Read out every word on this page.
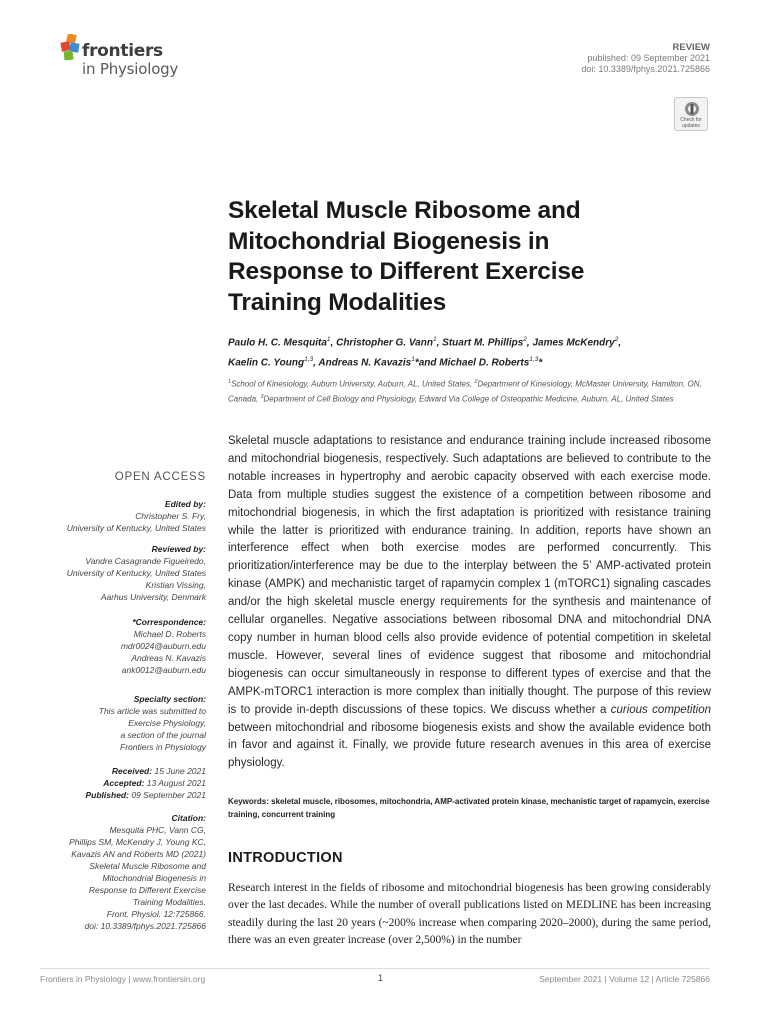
frontiers
in Physiology
REVIEW
published: 09 September 2021
doi: 10.3389/fphys.2021.725866
Check for updates
Skeletal Muscle Ribosome and
Mitochondrial Biogenesis in
Response to Different Exercise
Training Modalities
Paulo H. C. Mesquita$^1$, Christopher G. Vann$^1$, Stuart M. Phillips$^2$, James McKendry$^2$,
Kaelin C. Young$^{1,3}$, Andreas N. Kavazis$^1$*and Michael D. Roberts$^{1,3}$*
$^1$School of Kinesiology, Auburn University, Auburn, AL, United States, $^2$Department of Kinesiology, McMaster University, Hamilton, ON, Canada, $^3$Department of Cell Biology and Physiology, Edward Via College of Osteopathic Medicine, Auburn, AL, United States
OPEN ACCESS
Edited by:
Christopher S. Fry,
University of Kentucky, United States
Reviewed by:
Vandre Casagrande Figueiredo,
University of Kentucky, United States
Kristian Vissing,
Aarhus University, Denmark
*Correspondence:
Michael D. Roberts
mdr0024@auburn.edu
Andreas N. Kavazis
ank0012@auburn.edu
Specialty section:
This article was submitted to
Exercise Physiology,
a section of the journal
Frontiers in Physiology
Received: 15 June 2021
Accepted: 13 August 2021
Published: 09 September 2021
Citation:
Mesquita PHC, Vann CG,
Phillips SM, McKendry J, Young KC,
Kavazis AN and Roberts MD (2021)
Skeletal Muscle Ribosome and
Mitochondrial Biogenesis in
Response to Different Exercise
Training Modalities.
Front. Physiol. 12:725866.
doi: 10.3389/fphys.2021.725866

Skeletal muscle adaptations to resistance and endurance training include increased ribosome and mitochondrial biogenesis, respectively. Such adaptations are believed to contribute to the notable increases in hypertrophy and aerobic capacity observed with each exercise mode. Data from multiple studies suggest the existence of a competition between ribosome and mitochondrial biogenesis, in which the first adaptation is prioritized with resistance training while the latter is prioritized with endurance training. In addition, reports have shown an interference effect when both exercise modes are performed concurrently. This prioritization/interference may be due to the interplay between the 5’ AMP-activated protein kinase (AMPK) and mechanistic target of rapamycin complex 1 (mTORC1) signaling cascades and/or the high skeletal muscle energy requirements for the synthesis and maintenance of cellular organelles. Negative associations between ribosomal DNA and mitochondrial DNA copy number in human blood cells also provide evidence of potential competition in skeletal muscle. However, several lines of evidence suggest that ribosome and mitochondrial biogenesis can occur simultaneously in response to different types of exercise and that the AMPK-mTORC1 interaction is more complex than initially thought. The purpose of this review is to provide in-depth discussions of these topics. We discuss whether a curious competition between mitochondrial and ribosome biogenesis exists and show the available evidence both in favor and against it. Finally, we provide future research avenues in this area of exercise physiology.

Keywords: skeletal muscle, ribosomes, mitochondria, AMP-activated protein kinase, mechanistic target of rapamycin, exercise training, concurrent training
INTRODUCTION
Research interest in the fields of ribosome and mitochondrial biogenesis has been growing considerably over the last decades. While the number of overall publications listed on MEDLINE has been increasing steadily during the last 20 years (~200% increase when comparing 2020–2000), during the same period, there was an even greater increase (over 2,500%) in the number
Frontiers in Physiology | www.frontiersin.org	1	September 2021 | Volume 12 | Article 725866
